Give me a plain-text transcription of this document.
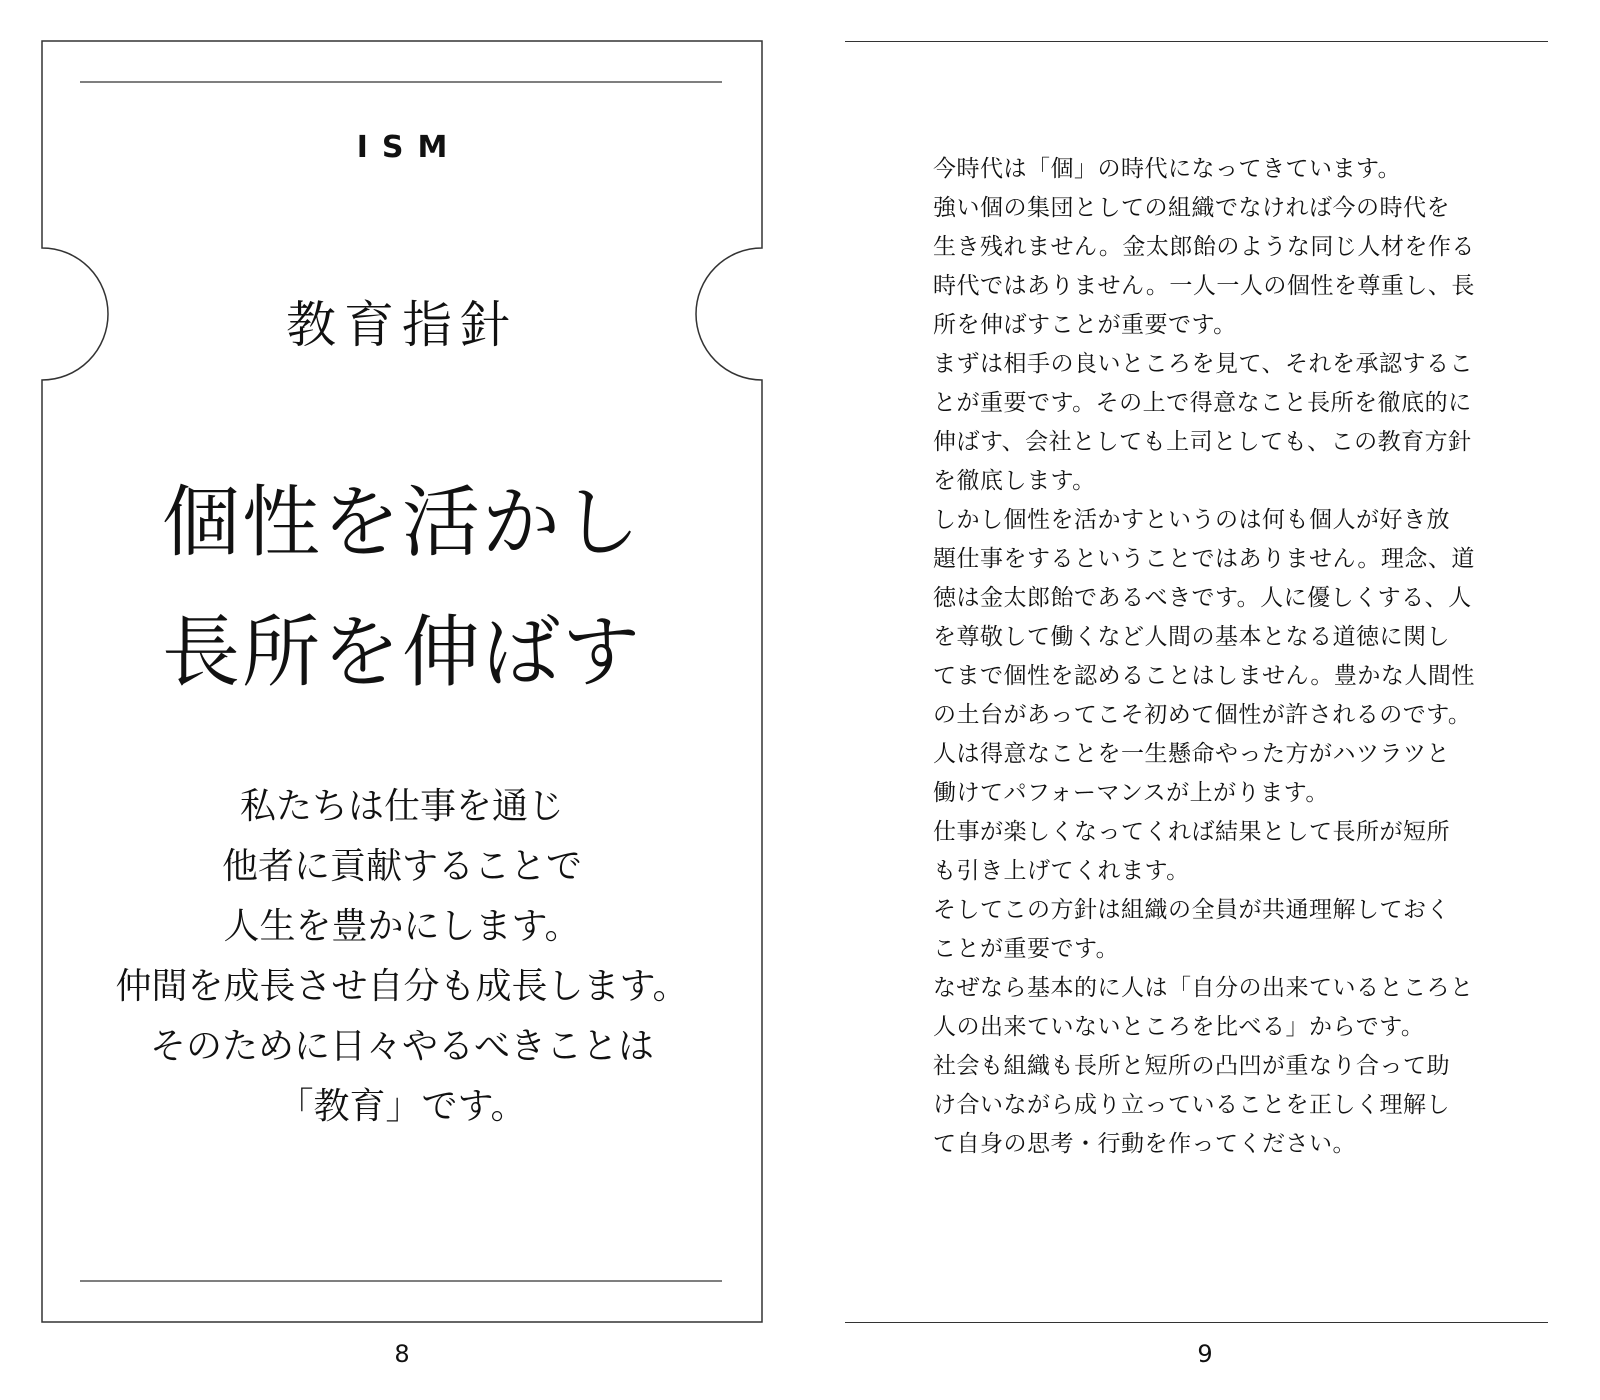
ISM
教育指針
個性を活かし
長所を伸ばす
私たちは仕事を通じ
他者に貢献することで
人生を豊かにします。
仲間を成長させ自分も成長します。
そのために日々やるべきことは
「教育」です。
8
今時代は「個」の時代になってきています。
強い個の集団としての組織でなければ今の時代を
生き残れません。金太郎飴のような同じ人材を作る
時代ではありません。一人一人の個性を尊重し、長
所を伸ばすことが重要です。
まずは相手の良いところを見て、それを承認するこ
とが重要です。その上で得意なこと長所を徹底的に
伸ばす、会社としても上司としても、この教育方針
を徹底します。
しかし個性を活かすというのは何も個人が好き放
題仕事をするということではありません。理念、道
徳は金太郎飴であるべきです。人に優しくする、人
を尊敬して働くなど人間の基本となる道徳に関し
てまで個性を認めることはしません。豊かな人間性
の土台があってこそ初めて個性が許されるのです。
人は得意なことを一生懸命やった方がハツラツと
働けてパフォーマンスが上がります。
仕事が楽しくなってくれば結果として長所が短所
も引き上げてくれます。
そしてこの方針は組織の全員が共通理解しておく
ことが重要です。
なぜなら基本的に人は「自分の出来ているところと
人の出来ていないところを比べる」からです。
社会も組織も長所と短所の凸凹が重なり合って助
け合いながら成り立っていることを正しく理解し
て自身の思考・行動を作ってください。
9
